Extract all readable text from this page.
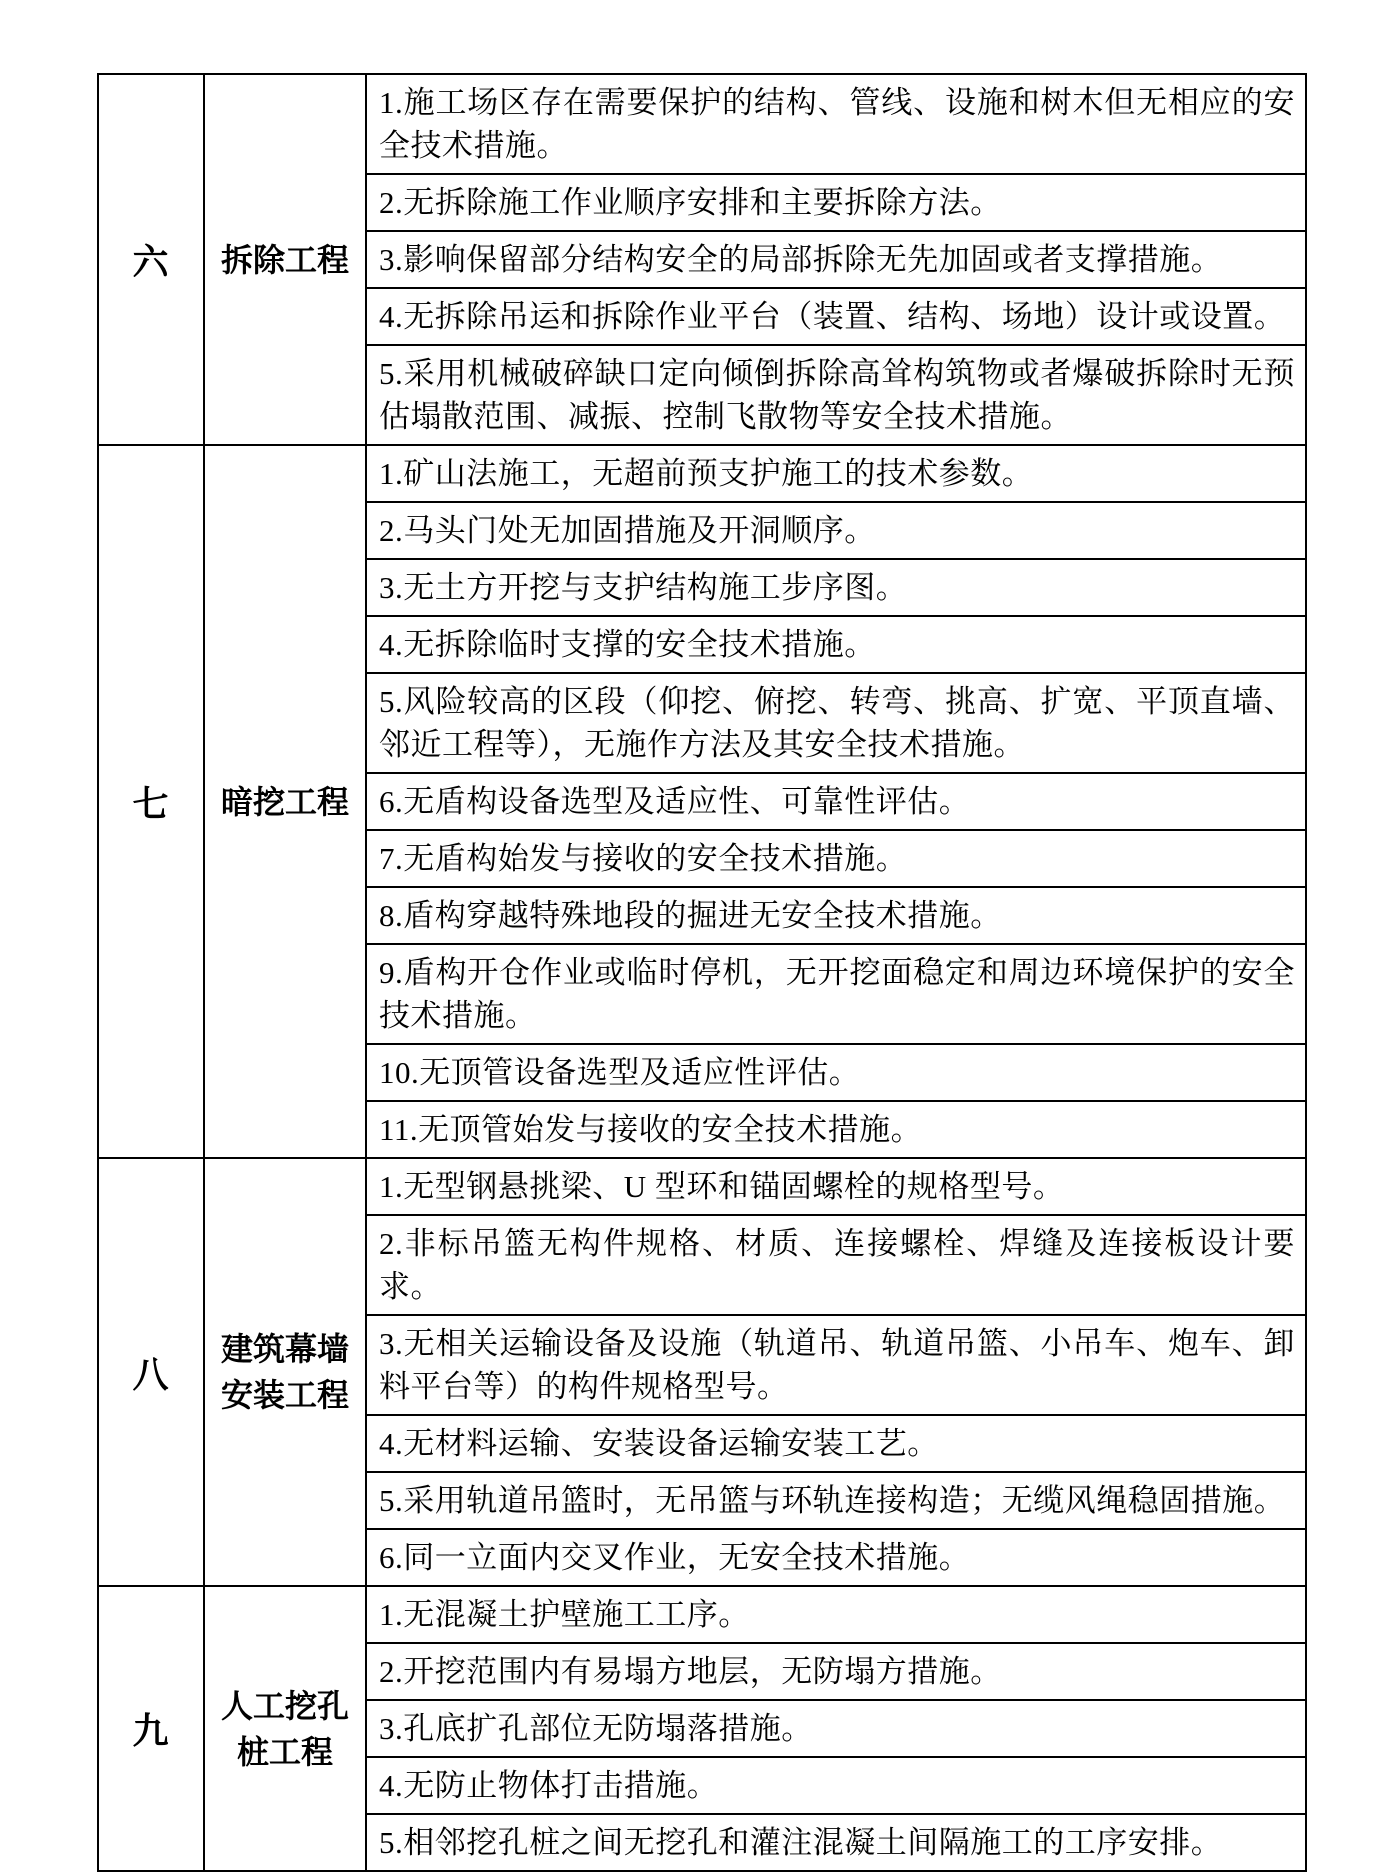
六	拆除工程	1.施工场区存在需要保护的结构、管线、设施和树木但无相应的安全技术措施。
		2.无拆除施工作业顺序安排和主要拆除方法。
		3.影响保留部分结构安全的局部拆除无先加固或者支撑措施。
		4.无拆除吊运和拆除作业平台（装置、结构、场地）设计或设置。
		5.采用机械破碎缺口定向倾倒拆除高耸构筑物或者爆破拆除时无预估塌散范围、减振、控制飞散物等安全技术措施。
七	暗挖工程	1.矿山法施工，无超前预支护施工的技术参数。
		2.马头门处无加固措施及开洞顺序。
		3.无土方开挖与支护结构施工步序图。
		4.无拆除临时支撑的安全技术措施。
		5.风险较高的区段（仰挖、俯挖、转弯、挑高、扩宽、平顶直墙、邻近工程等），无施作方法及其安全技术措施。
		6.无盾构设备选型及适应性、可靠性评估。
		7.无盾构始发与接收的安全技术措施。
		8.盾构穿越特殊地段的掘进无安全技术措施。
		9.盾构开仓作业或临时停机，无开挖面稳定和周边环境保护的安全技术措施。
		10.无顶管设备选型及适应性评估。
		11.无顶管始发与接收的安全技术措施。
八	建筑幕墙安装工程	1.无型钢悬挑梁、U 型环和锚固螺栓的规格型号。
		2.非标吊篮无构件规格、材质、连接螺栓、焊缝及连接板设计要求。
		3.无相关运输设备及设施（轨道吊、轨道吊篮、小吊车、炮车、卸料平台等）的构件规格型号。
		4.无材料运输、安装设备运输安装工艺。
		5.采用轨道吊篮时，无吊篮与环轨连接构造；无缆风绳稳固措施。
		6.同一立面内交叉作业，无安全技术措施。
九	人工挖孔桩工程	1.无混凝土护壁施工工序。
		2.开挖范围内有易塌方地层，无防塌方措施。
		3.孔底扩孔部位无防塌落措施。
		4.无防止物体打击措施。
		5.相邻挖孔桩之间无挖孔和灌注混凝土间隔施工的工序安排。
